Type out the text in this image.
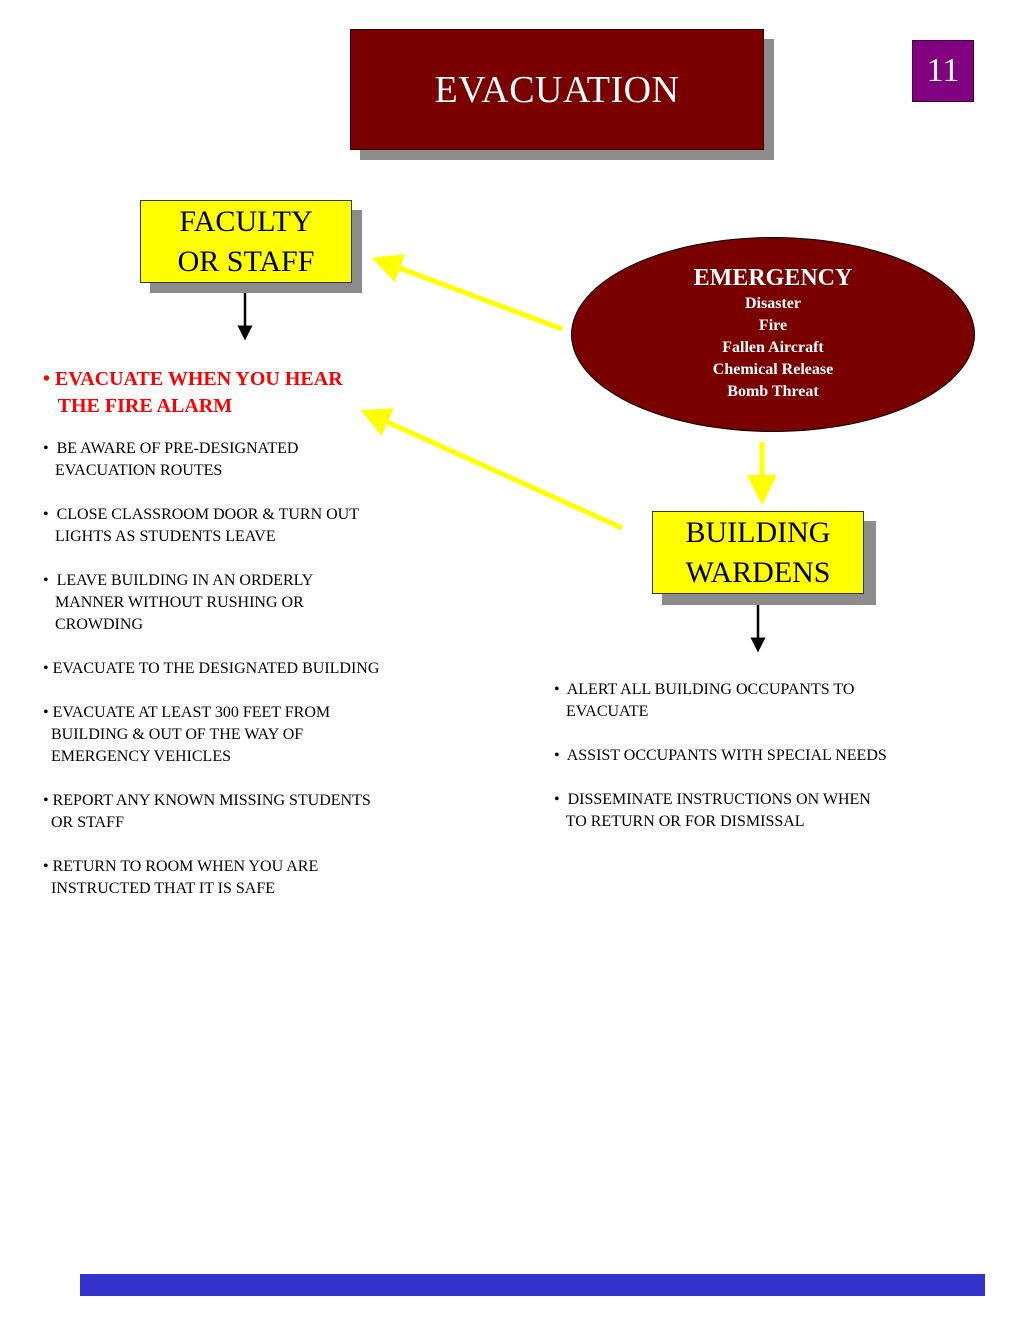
EVACUATION	11
FACULTY
OR STAFF
EMERGENCY
Disaster
Fire
Fallen Aircraft
Chemical Release
Bomb Threat
BUILDING
WARDENS

• EVACUATE WHEN YOU HEAR

THE FIRE ALARM

•  BE AWARE OF PRE-DESIGNATED

EVACUATION ROUTES

•  CLOSE CLASSROOM DOOR & TURN OUT

LIGHTS AS STUDENTS LEAVE

•  LEAVE BUILDING IN AN ORDERLY

MANNER WITHOUT RUSHING OR

CROWDING

• EVACUATE TO THE DESIGNATED BUILDING

• EVACUATE AT LEAST 300 FEET FROM

BUILDING & OUT OF THE WAY OF

EMERGENCY VEHICLES

• REPORT ANY KNOWN MISSING STUDENTS

OR STAFF

• RETURN TO ROOM WHEN YOU ARE

INSTRUCTED THAT IT IS SAFE

•  ALERT ALL BUILDING OCCUPANTS TO

EVACUATE

•  ASSIST OCCUPANTS WITH SPECIAL NEEDS

•  DISSEMINATE INSTRUCTIONS ON WHEN

TO RETURN OR FOR DISMISSAL
